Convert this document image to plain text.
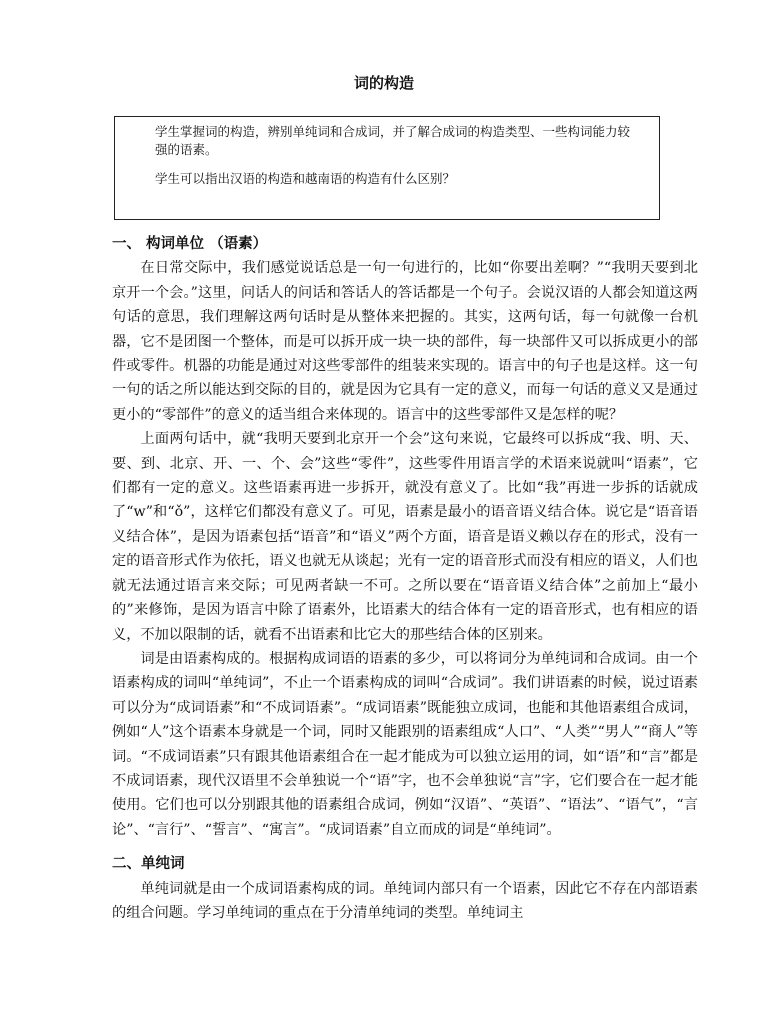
词的构造

学生掌握词的构造，辨别单纯词和合成词，并了解合成词的构造类型、一些构词能力较强的语素。

学生可以指出汉语的构造和越南语的构造有什么区别？

一、 构词单位 （语素）

在日常交际中，我们感觉说话总是一句一句进行的，比如“你要出差啊？”“我明天要到北京开一个会。”这里，问话人的问话和答话人的答话都是一个句子。会说汉语的人都会知道这两句话的意思，我们理解这两句话时是从整体来把握的。其实，这两句话，每一句就像一台机器，它不是团图一个整体，而是可以拆开成一块一块的部件，每一块部件又可以拆成更小的部件或零件。机器的功能是通过对这些零部件的组装来实现的。语言中的句子也是这样。这一句一句的话之所以能达到交际的目的，就是因为它具有一定的意义，而每一句话的意义又是通过更小的“零部件”的意义的适当组合来体现的。语言中的这些零部件又是怎样的呢？

上面两句话中，就“我明天要到北京开一个会”这句来说，它最终可以拆成“我、明、天、要、到、北京、开、一、个、会”这些“零件”，这些零件用语言学的术语来说就叫“语素”，它们都有一定的意义。这些语素再进一步拆开，就没有意义了。比如“我”再进一步拆的话就成了“w”和“ǒ”，这样它们都没有意义了。可见，语素是最小的语音语义结合体。说它是“语音语义结合体”，是因为语素包括“语音”和“语义”两个方面，语音是语义赖以存在的形式，没有一定的语音形式作为依托，语义也就无从谈起；光有一定的语音形式而没有相应的语义，人们也就无法通过语言来交际；可见两者缺一不可。之所以要在“语音语义结合体”之前加上“最小的”来修饰，是因为语言中除了语素外，比语素大的结合体有一定的语音形式，也有相应的语义，不加以限制的话，就看不出语素和比它大的那些结合体的区别来。

词是由语素构成的。根据构成词语的语素的多少，可以将词分为单纯词和合成词。由一个语素构成的词叫“单纯词”，不止一个语素构成的词叫“合成词”。我们讲语素的时候，说过语素可以分为“成词语素”和“不成词语素”。“成词语素”既能独立成词，也能和其他语素组合成词，例如“人”这个语素本身就是一个词，同时又能跟别的语素组成“人口”、“人类”“男人”“商人”等词。“不成词语素”只有跟其他语素组合在一起才能成为可以独立运用的词，如“语”和“言”都是不成词语素，现代汉语里不会单独说一个“语”字，也不会单独说“言”字，它们要合在一起才能使用。它们也可以分别跟其他的语素组合成词，例如“汉语”、“英语”、“语法”、“语气”，“言论”、“言行”、“誓言”、“寓言”。“成词语素”自立而成的词是“单纯词”。

二、单纯词

单纯词就是由一个成词语素构成的词。单纯词内部只有一个语素，因此它不存在内部语素的组合问题。学习单纯词的重点在于分清单纯词的类型。单纯词主
